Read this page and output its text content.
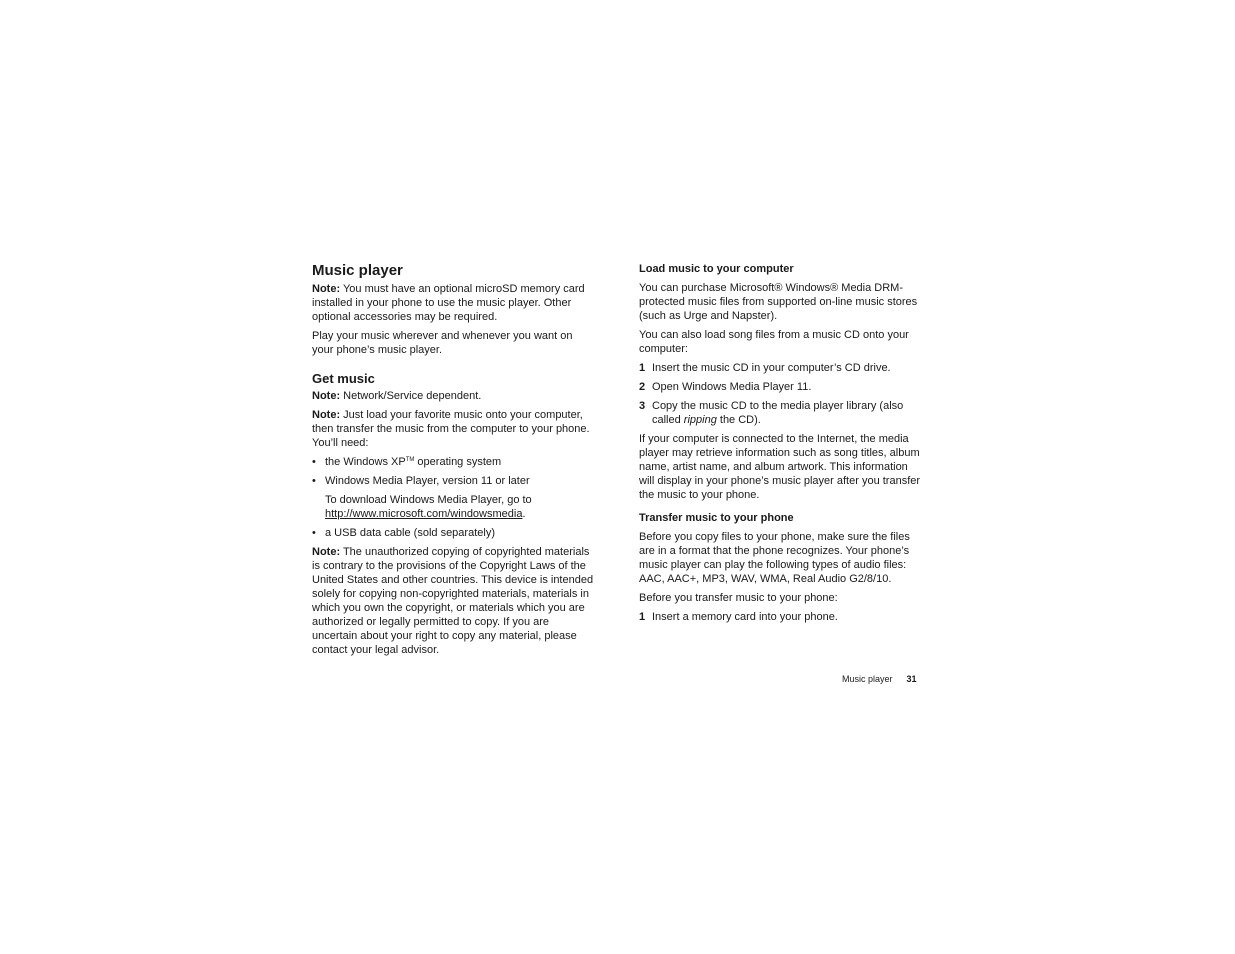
Music player

Note: You must have an optional microSD memory card installed in your phone to use the music player. Other optional accessories may be required.

Play your music wherever and whenever you want on your phone’s music player.

Get music

Note: Network/Service dependent.

Note: Just load your favorite music onto your computer, then transfer the music from the computer to your phone. You’ll need:

• the Windows XP™ operating system
• Windows Media Player, version 11 or later

To download Windows Media Player, go to
http://www.microsoft.com/windowsmedia.

• a USB data cable (sold separately)

Note: The unauthorized copying of copyrighted materials is contrary to the provisions of the Copyright Laws of the United States and other countries. This device is intended solely for copying non-copyrighted materials, materials in which you own the copyright, or materials which you are authorized or legally permitted to copy. If you are uncertain about your right to copy any material, please contact your legal advisor.

Load music to your computer

You can purchase Microsoft® Windows® Media DRM-protected music files from supported on-line music stores (such as Urge and Napster).

You can also load song files from a music CD onto your computer:

1 Insert the music CD in your computer’s CD drive.
2 Open Windows Media Player 11.
3 Copy the music CD to the media player library (also called ripping the CD).

If your computer is connected to the Internet, the media player may retrieve information such as song titles, album name, artist name, and album artwork. This information will display in your phone’s music player after you transfer the music to your phone.

Transfer music to your phone

Before you copy files to your phone, make sure the files are in a format that the phone recognizes. Your phone’s music player can play the following types of audio files: AAC, AAC+, MP3, WAV, WMA, Real Audio G2/8/10.

Before you transfer music to your phone:

1 Insert a memory card into your phone.
Music player 31
